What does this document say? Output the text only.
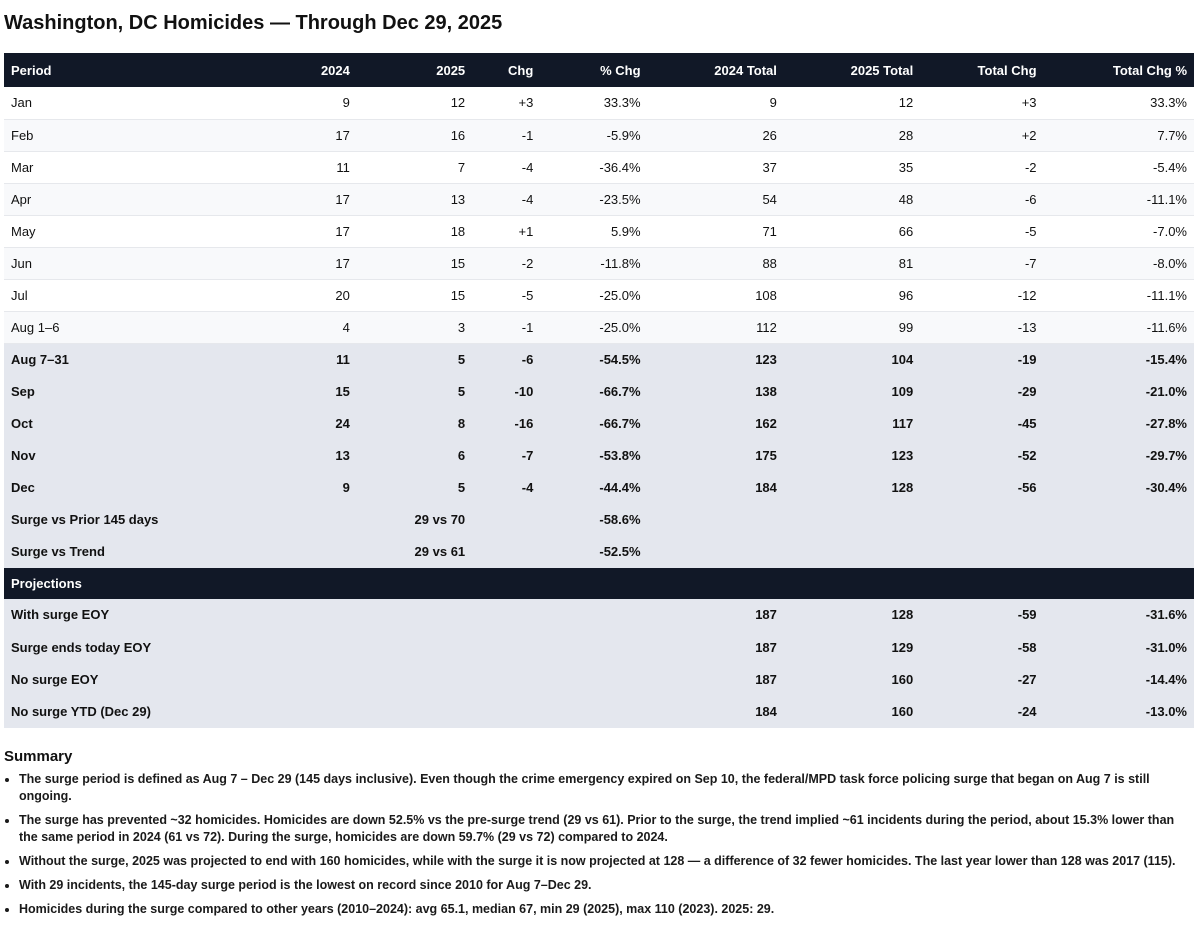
Washington, DC Homicides — Through Dec 29, 2025
Period	2024	2025	Chg	% Chg	2024 Total	2025 Total	Total Chg	Total Chg %
Jan	9	12	+3	33.3%	9	12	+3	33.3%
Feb	17	16	-1	-5.9%	26	28	+2	7.7%
Mar	11	7	-4	-36.4%	37	35	-2	-5.4%
Apr	17	13	-4	-23.5%	54	48	-6	-11.1%
May	17	18	+1	5.9%	71	66	-5	-7.0%
Jun	17	15	-2	-11.8%	88	81	-7	-8.0%
Jul	20	15	-5	-25.0%	108	96	-12	-11.1%
Aug 1–6	4	3	-1	-25.0%	112	99	-13	-11.6%
Aug 7–31	11	5	-6	-54.5%	123	104	-19	-15.4%
Sep	15	5	-10	-66.7%	138	109	-29	-21.0%
Oct	24	8	-16	-66.7%	162	117	-45	-27.8%
Nov	13	6	-7	-53.8%	175	123	-52	-29.7%
Dec	9	5	-4	-44.4%	184	128	-56	-30.4%
Surge vs Prior 145 days		29 vs 70		-58.6%				
Surge vs Trend		29 vs 61		-52.5%				
Projections								
With surge EOY					187	128	-59	-31.6%
Surge ends today EOY					187	129	-58	-31.0%
No surge EOY					187	160	-27	-14.4%
No surge YTD (Dec 29)					184	160	-24	-13.0%
Summary
• The surge period is defined as Aug 7 – Dec 29 (145 days inclusive). Even though the crime emergency expired on Sep 10, the federal/MPD task force policing surge that began on Aug 7 is still ongoing.
• The surge has prevented ~32 homicides. Homicides are down 52.5% vs the pre-surge trend (29 vs 61). Prior to the surge, the trend implied ~61 incidents during the period, about 15.3% lower than the same period in 2024 (61 vs 72). During the surge, homicides are down 59.7% (29 vs 72) compared to 2024.
• Without the surge, 2025 was projected to end with 160 homicides, while with the surge it is now projected at 128 — a difference of 32 fewer homicides. The last year lower than 128 was 2017 (115).
• With 29 incidents, the 145-day surge period is the lowest on record since 2010 for Aug 7–Dec 29.
• Homicides during the surge compared to other years (2010–2024): avg 65.1, median 67, min 29 (2025), max 110 (2023). 2025: 29.
